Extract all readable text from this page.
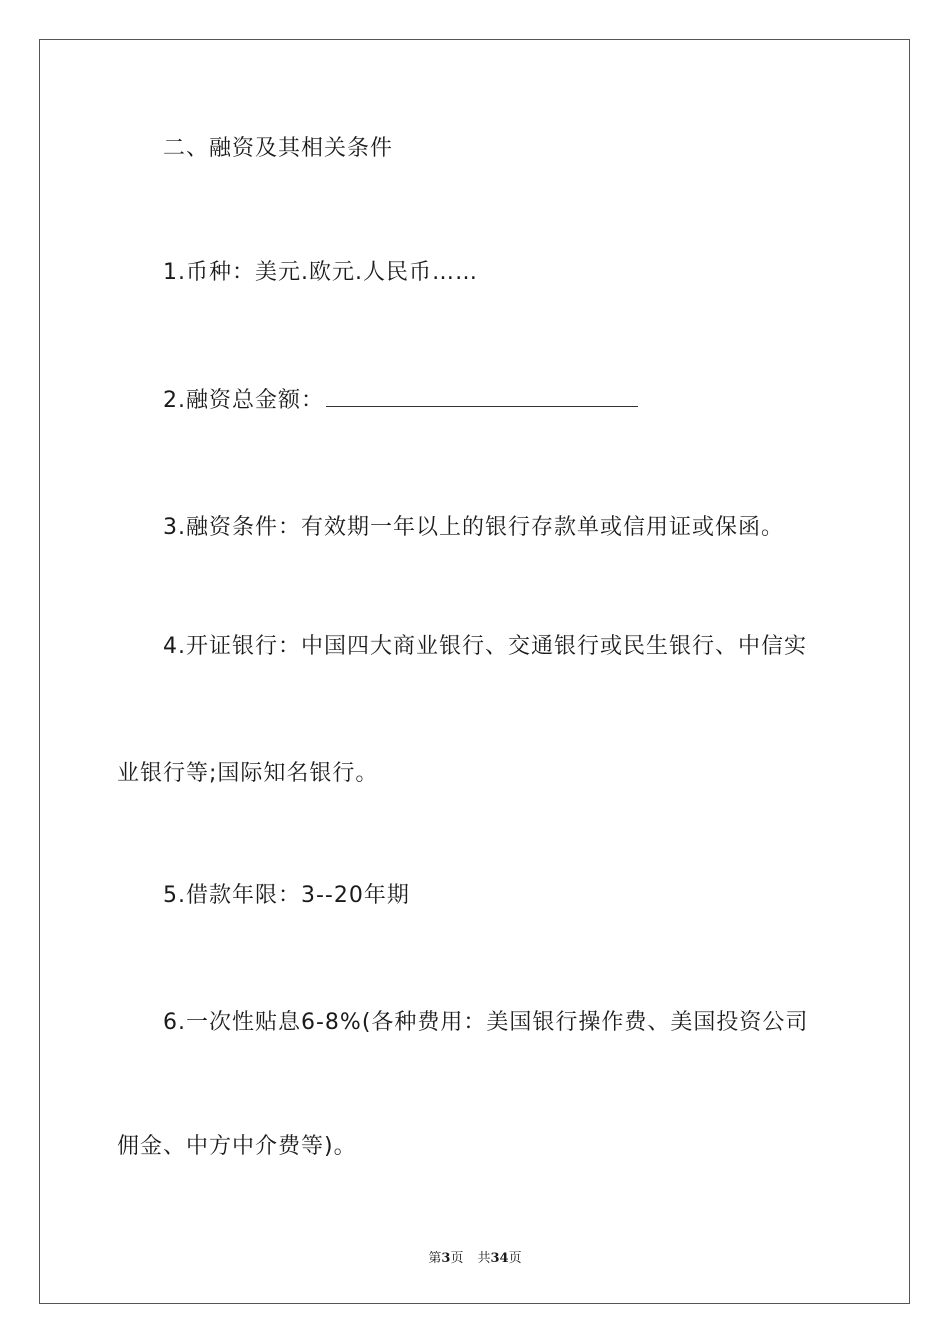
二、融资及其相关条件
1.币种：美元.欧元.人民币……
2.融资总金额：
3.融资条件：有效期一年以上的银行存款单或信用证或保函。
4.开证银行：中国四大商业银行、交通银行或民生银行、中信实
业银行等;国际知名银行。
5.借款年限：3--20年期
6.一次性贴息6-8%(各种费用：美国银行操作费、美国投资公司
佣金、中方中介费等)。
第3页 共34页
